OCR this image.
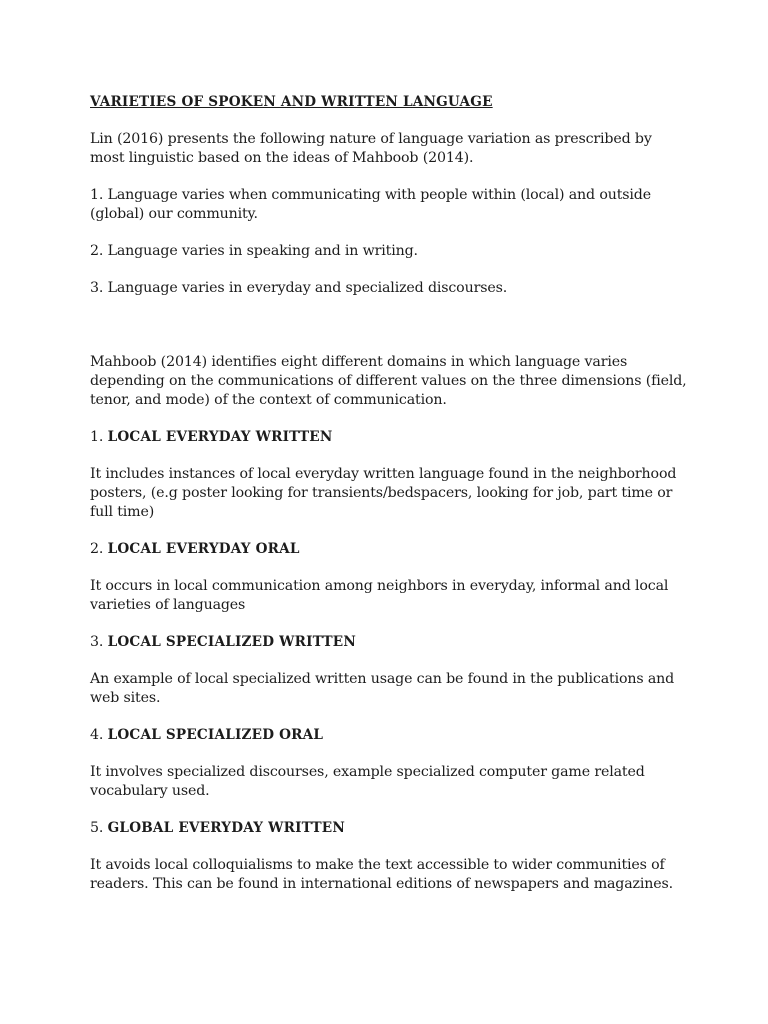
VARIETIES OF SPOKEN AND WRITTEN LANGUAGE

Lin (2016) presents the following nature of language variation as prescribed by most linguistic based on the ideas of Mahboob (2014).

1. Language varies when communicating with people within (local) and outside (global) our community.

2. Language varies in speaking and in writing.

3. Language varies in everyday and specialized discourses.

Mahboob (2014) identifies eight different domains in which language varies depending on the communications of different values on the three dimensions (field, tenor, and mode) of the context of communication.

1. LOCAL EVERYDAY WRITTEN

It includes instances of local everyday written language found in the neighborhood posters, (e.g poster looking for transients/bedspacers, looking for job, part time or full time)

2. LOCAL EVERYDAY ORAL

It occurs in local communication among neighbors in everyday, informal and local varieties of languages

3. LOCAL SPECIALIZED WRITTEN

An example of local specialized written usage can be found in the publications and web sites.

4. LOCAL SPECIALIZED ORAL

It involves specialized discourses, example specialized computer game related vocabulary used.

5. GLOBAL EVERYDAY WRITTEN

It avoids local colloquialisms to make the text accessible to wider communities of readers. This can be found in international editions of newspapers and magazines.
